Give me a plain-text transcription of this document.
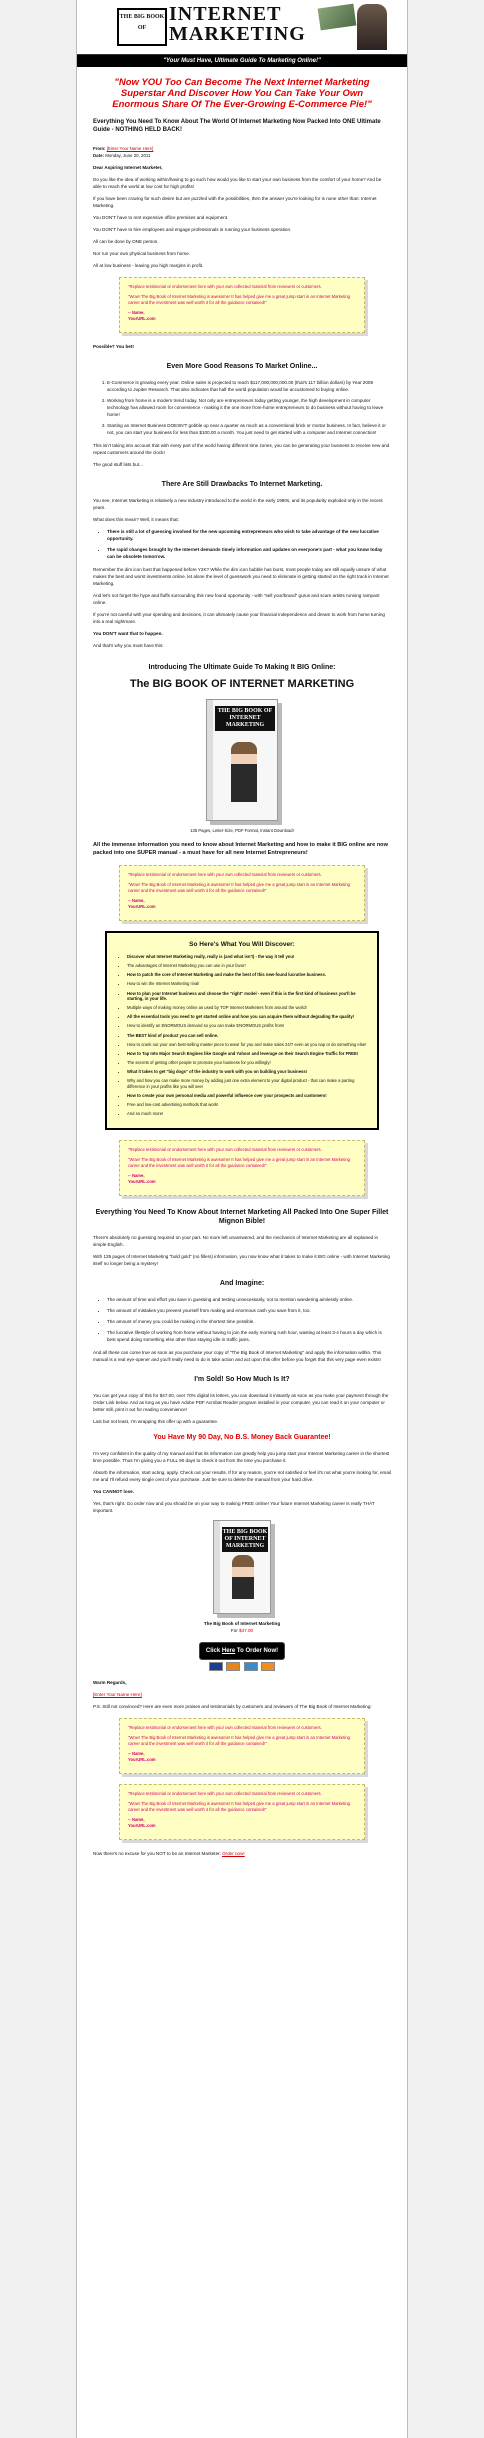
THE BIG BOOK OF
INTERNET
MARKETING
"Your Must Have, Ultimate Guide To Marketing Online!"
"Now YOU Too Can Become The Next Internet Marketing Superstar And Discover How You Can Take Your Own Enormous Share Of The Ever-Growing E-Commerce Pie!"
Everything You Need To Know About The World Of Internet Marketing Now Packed Into ONE Ultimate Guide - NOTHING HELD BACK!

From: [Enter Your Name Here]
Date: Monday, June 20, 2011

Dear Aspiring Internet Marketer,

Do you like the idea of working within/having to go such how would you like to start your own business from the comfort of your home? And be able to reach the world at low cost for high profits!

If you have been craving for such desire but are puzzled with the possibilities, then the answer you're looking for is none other than: Internet Marketing.

You DON'T have to rent expensive office premises and equipment.

You DON'T have to hire employees and engage professionals in running your business operation.

All can be done by ONE person.

Nor run your own physical business from home.

All at low business - leaving you high margins in profit.

"Replace testimonial or endorsement here with your own collected material from reviewers or customers.

"Wow! The Big Book of Internet Marketing is awesome! It has helped give me a great jump start in an Internet Marketing career and the investment was well worth it for all the guidance contained!"

-- Name,
YourURL.com

Possible? You bet!

Even More Good Reasons To Market Online...
1. E-Commerce is growing every year. Online sales is projected to reach $117,000,000,000.00 (that's 117 billion dollars) by Year 2008 according to Jupiter Research. That also indicates that half the world population would be accustomed to buying online.
2. Working from home is a modern trend today. Not only are entrepreneurs today getting younger, the high development in computer technology has allowed room for convenience - making it the one more from-home entrepreneurs to do business without having to leave home!
3. Starting an Internet Business DOESN'T gobble up near a quarter as much as a conventional brick or mortar business. In fact, believe it or not, you can start your business for less than $100.00 a month. You just need to get started with a computer and Internet connection!

This isn't taking into account that with every part of the world having different time zones, you can be generating your business to receive new and repeat customers around the clock!

The good stuff lists but...

There Are Still Drawbacks To Internet Marketing.

You see, Internet Marketing is relatively a new industry introduced to the world in the early 1990s, and its popularity exploded only in the recent years.

What does this mean? Well, it means that:

• There is still a lot of guessing involved for the new upcoming entrepreneurs who wish to take advantage of the new lucrative opportunity.
• The rapid changes brought by the Internet demands timely information and updates on everyone's part - what you know today can be obsolete tomorrow.

Remember the dim icon bust that happened before Y2K? While the dim icon bubble has burst, most people today are still equally unsure of what makes the best and worst investments online, let alone the level of guesswork you need to eliminate in getting started on the right track in Internet Marketing.

And let's not forget the hype and fluffs surrounding this new found opportunity - with "sell your/brand" gurus and scam artists running rampant online.

If you're not careful with your spending and decisions, it can ultimately cause your financial independence and dream to work from home turning into a real nightmare.

You DON'T want that to happen.

And that's why you must have this:

Introducing The Ultimate Guide To Making It BIG Online:
The BIG BOOK OF INTERNET MARKETING
THE BIG BOOK OF INTERNET MARKETING
135 Pages, Letter-Size, PDF Format, Instant Download!

All the immense information you need to know about Internet Marketing and how to make it BIG online are now packed into one SUPER manual - a must have for all new Internet Entrepreneurs!

"Replace testimonial or endorsement here with your own collected material from reviewers or customers.

"Wow! The Big Book of Internet Marketing is awesome! It has helped give me a great jump start in an Internet Marketing career and the investment was well worth it for all the guidance contained!"

-- Name,
YourURL.com

So Here's What You Will Discover:
• Discover what Internet Marketing really, really is (and what isn't) - the way it tell you!
• The advantages of Internet Marketing you can use in your favor!
• How to patch the core of Internet Marketing and make the best of this new-found lucrative business.
• How to win the Internet Marketing rival!
• How to plan your Internet business and choose the "right" model - even if this is the first kind of business you'll be starting, in your life.
• Multiple ways of making money online as used by TOP Internet Marketers from around the world!
• All the essential tools you need to get started online and how you can acquire them without degrading the quality!
• How to identify an ENORMOUS demand so you can make ENORMOUS profits from!
• The BEST kind of product you can sell online.
• How to crank out your own best-selling master piece to wow! for you and make sales 24/7 even as you nap or do something else!
• How to Tap Into Major Search Engines like Google and Yahoo! and leverage on their Search Engine Traffic for FREE!
• The secrets of getting other people to promote your business for you willingly!
• What it takes to get "big dogs" of the industry to work with you on building your business!
• Why and how you can make more money by adding just one extra element to your digital product - that can make a parting difference in your profits like you will see!
• How to create your own personal media and powerful influence over your prospects and customers!
• Free and low-cost advertising methods that work!
• And so much more!

"Replace testimonial or endorsement here with your own collected material from reviewers or customers.

"Wow! The Big Book of Internet Marketing is awesome! It has helped give me a great jump start in an Internet Marketing career and the investment was well worth it for all the guidance contained!"

-- Name,
YourURL.com

Everything You Need To Know About Internet Marketing All Packed Into One Super Fillet Mignon Bible!

There's absolutely no guessing required on your part. No more left unanswered, and the mechanics of Internet Marketing are all explained in simple English.

With 135 pages of Internet Marketing "bold gold" (no fillers) information, you now know what it takes to make it BIG online - with Internet Marketing itself no longer being a mystery!

And Imagine:
• The amount of time and effort you save in guessing and testing unnecessarily, not to mention wandering aimlessly online.
• The amount of mistakes you prevent yourself from making and enormous cash you save from it, too.
• The amount of money you could be making in the shortest time possible.
• The lucrative lifestyle of working from home without having to join the early morning rush hour, wasting at least 3-4 hours a day which is best spend doing something else other than staying idle in traffic jams.

And all these can come true as soon as you purchase your copy of "The Big Book of Internet Marketing" and apply the information within. This manual is a real eye-opener and you'll really need to do is take action and act upon this offer before you forget that this very page even exists!

I'm Sold! So How Much Is It?

You can get your copy of this for $47.00, over 70% digital its letters, you can download it instantly as soon as you make your payment through the Order Link below. And as long as you have Adobe PDF Acrobat Reader program installed in your computer, you can read it on your computer or better still, print it out for reading convenience!

Last but not least, I'm wrapping this offer up with a guarantee.

You Have My 90 Day, No B.S. Money Back Guarantee!

I'm very confident in the quality of my manual and that its information can greatly help you jump start your Internet Marketing career in the shortest time possible. Thus I'm giving you a FULL 90 days to check it out from the time you purchase it.

Absorb the information, start acting, apply. Check out your results. If for any reason, you're not satisfied or feel it's not what you're looking for, email me and I'll refund every single cent of your purchase. Just be sure to delete the manual from your hard drive.

You CANNOT lose.

Yes, that's right. Go order now and you should be on your way to making FREE online! Your future Internet Marketing career is really THAT important.

THE BIG BOOK OF INTERNET MARKETING
The Big Book of Internet Marketing
For $47.00
Click Here To Order Now!

Warm Regards,

[Enter Your Name Here]

P.S. Still not convinced? Here are even more praises and testimonials by customers and reviewers of The Big Book of Internet Marketing:

"Replace testimonial or endorsement here with your own collected material from reviewers or customers.

"Wow! The Big Book of Internet Marketing is awesome! It has helped give me a great jump start in an Internet Marketing career and the investment was well worth it for all the guidance contained!"

-- Name,
YourURL.com

"Replace testimonial or endorsement here with your own collected material from reviewers or customers.

"Wow! The Big Book of Internet Marketing is awesome! It has helped give me a great jump start in an Internet Marketing career and the investment was well worth it for all the guidance contained!"

-- Name,
YourURL.com

Now there's no excuse for you NOT to be an Internet Marketer. Order now!
